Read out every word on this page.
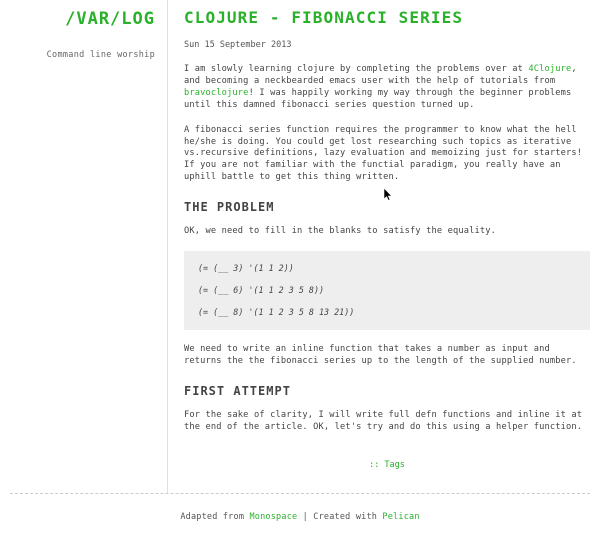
/VAR/LOG
Command line worship
CLOJURE - FIBONACCI SERIES
Sun 15 September 2013

I am slowly learning clojure by completing the problems over at 4Clojure, and becoming a neckbearded emacs user with the help of tutorials from bravoclojure! I was happily working my way through the beginner problems until this damned fibonacci series question turned up.

A fibonacci series function requires the programmer to know what the hell he/she is doing. You could get lost researching such topics as iterative vs.recursive definitions, lazy evaluation and memoizing just for starters! If you are not familiar with the functial paradigm, you really have an uphill battle to get this thing written.

THE PROBLEM

OK, we need to fill in the blanks to satisfy the equality.

(= (__ 3) '(1 1 2))
(= (__ 6) '(1 1 2 3 5 8))
(= (__ 8) '(1 1 2 3 5 8 13 21))

We need to write an inline function that takes a number as input and returns the the fibonacci series up to the length of the supplied number.

FIRST ATTEMPT

For the sake of clarity, I will write full defn functions and inline it at the end of the article. OK, let's try and do this using a helper function.

:: Tags
Adapted from Monospace | Created with Pelican
